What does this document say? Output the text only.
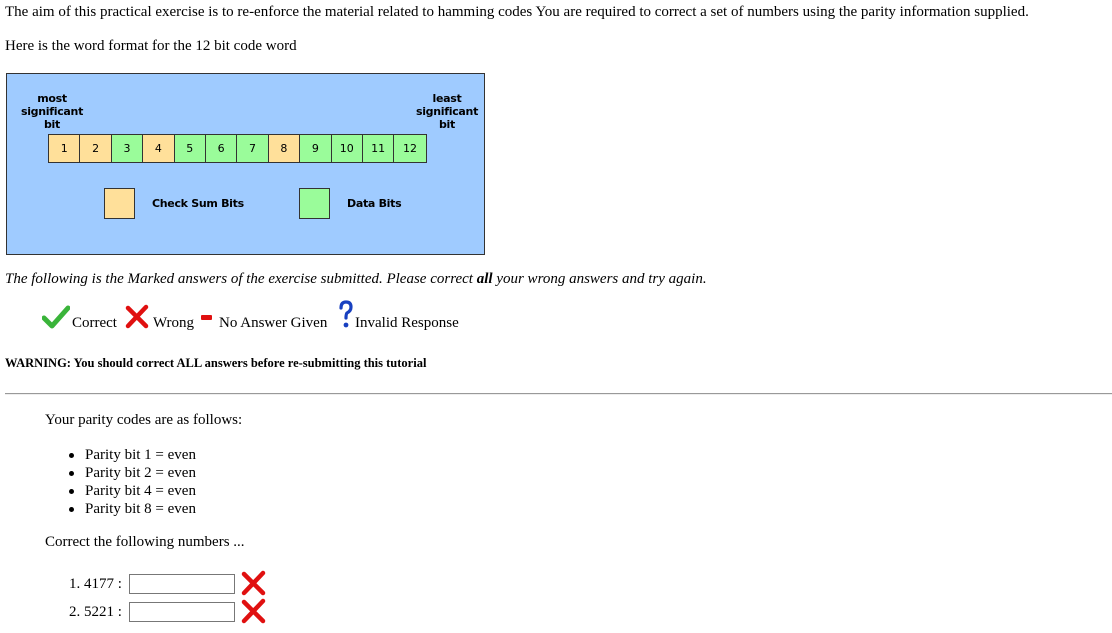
The aim of this practical exercise is to re-enforce the material related to hamming codes You are required to correct a set of numbers using the parity information supplied.
Here is the word format for the 12 bit code word
most
significant
bit
least
significant
bit
1	2	3	4	5	6	7	8	9	10	11	12
Check Sum Bits	Data Bits
The following is the Marked answers of the exercise submitted. Please correct all your wrong answers and try again.
Correct Wrong No Answer Given Invalid Response
WARNING: You should correct ALL answers before re-submitting this tutorial
Your parity codes are as follows:
Parity bit 1 = even
Parity bit 2 = even
Parity bit 4 = even
Parity bit 8 = even
Correct the following numbers ...
1. 4177 :
2. 5221 :
